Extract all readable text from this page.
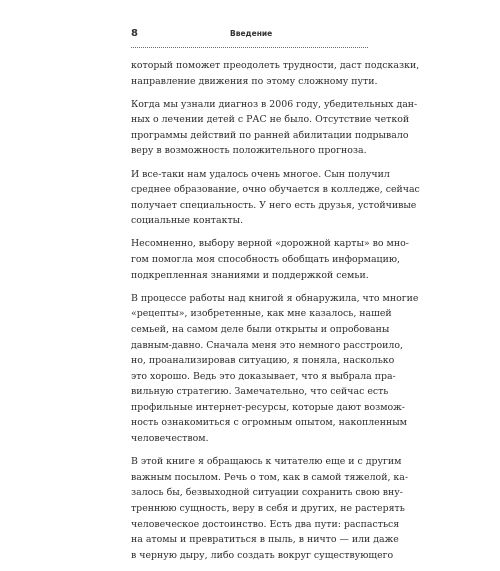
8	Введение

который поможет преодолеть трудности, даст подсказки,
направление движения по этому сложному пути.

Когда мы узнали диагноз в 2006 году, убедительных дан-
ных о лечении детей с РАС не было. Отсутствие четкой
программы действий по ранней абилитации подрывало
веру в возможность положительного прогноза.

И все-таки нам удалось очень многое. Сын получил
среднее образование, очно обучается в колледже, сейчас
получает специальность. У него есть друзья, устойчивые
социальные контакты.

Несомненно, выбору верной «дорожной карты» во мно-
гом помогла моя способность обобщать информацию,
подкрепленная знаниями и поддержкой семьи.

В процессе работы над книгой я обнаружила, что многие
«рецепты», изобретенные, как мне казалось, нашей
семьей, на самом деле были открыты и опробованы
давным-давно. Сначала меня это немного расстроило,
но, проанализировав ситуацию, я поняла, насколько
это хорошо. Ведь это доказывает, что я выбрала пра-
вильную стратегию. Замечательно, что сейчас есть
профильные интернет-ресурсы, которые дают возмож-
ность ознакомиться с огромным опытом, накопленным
человечеством.

В этой книге я обращаюсь к читателю еще и с другим
важным посылом. Речь о том, как в самой тяжелой, ка-
залось бы, безвыходной ситуации сохранить свою вну-
треннюю сущность, веру в себя и других, не растерять
человеческое достоинство. Есть два пути: распасться
на атомы и превратиться в пыль, в ничто — или даже
в черную дыру, либо создать вокруг существующего
